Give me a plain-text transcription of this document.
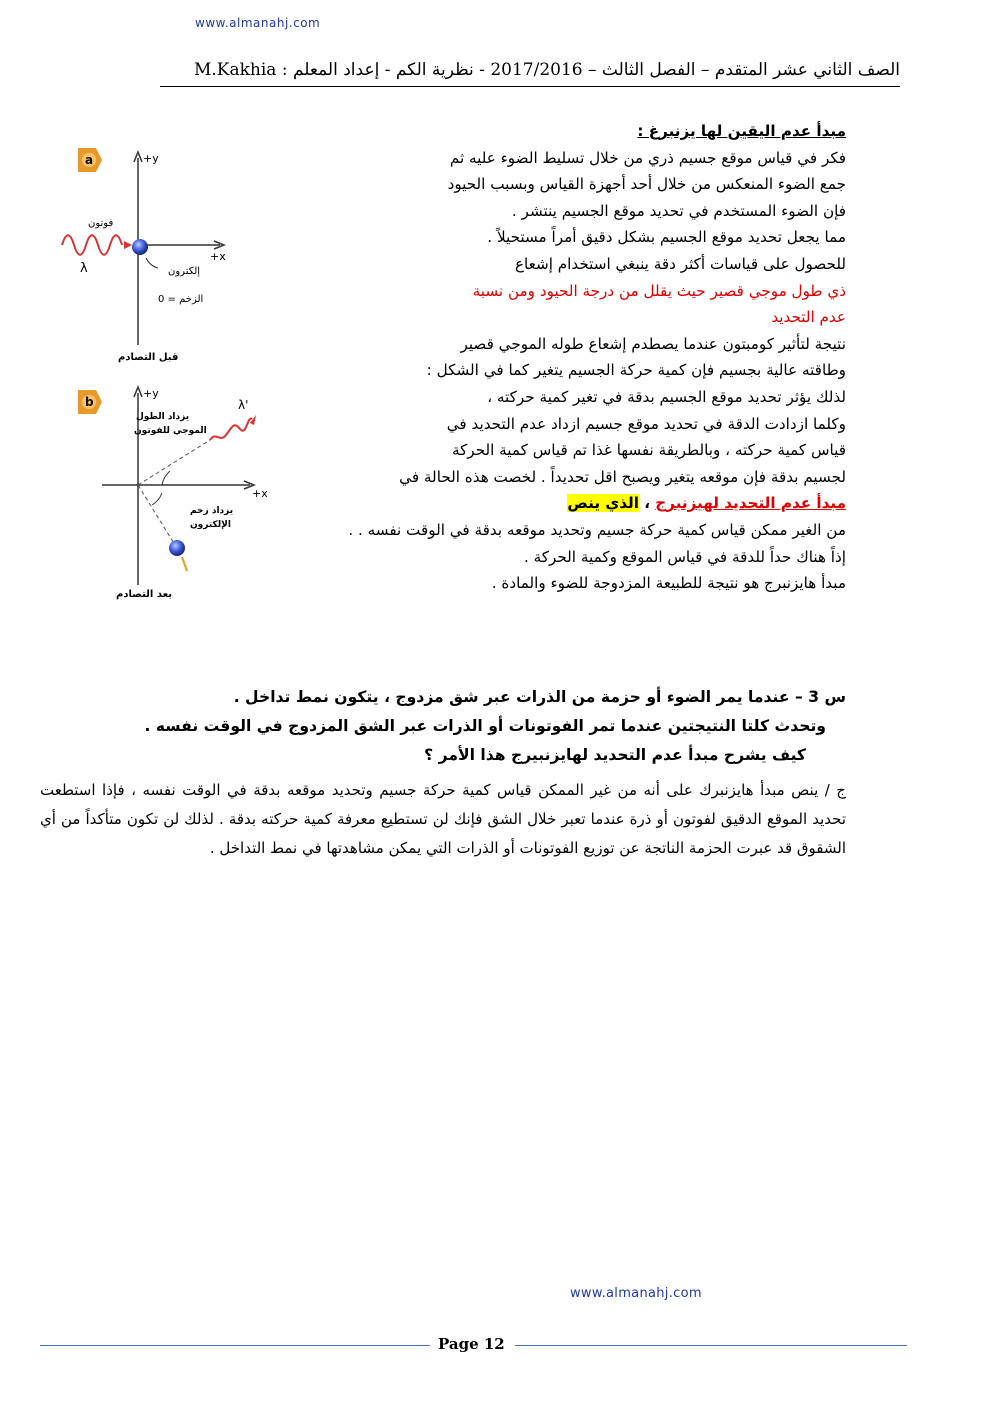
www.almanahj.com
الصف الثاني عشر المتقدم – الفصل الثالث – 2017/2016 - نظرية الكم - إعداد المعلم : M.Kakhia

مبدأ عدم اليقين لها يزنبرغ :

فكر في قياس موقع جسيم ذري من خلال تسليط الضوء عليه ثم

جمع الضوء المنعكس من خلال أحد أجهزة القياس وبسبب الحيود

فإن الضوء المستخدم في تحديد موقع الجسيم ينتشر .

مما يجعل تحديد موقع الجسيم بشكل دقيق أمراً مستحيلاً .

للحصول على قياسات أكثر دقة ينبغي استخدام إشعاع

ذي طول موجي قصير حيث يقلل من درجة الحيود ومن نسبة

عدم التحديد

نتيجة لتأثير كومبتون عندما يصطدم إشعاع طوله الموجي قصير

وطاقته عالية بجسيم فإن كمية حركة الجسيم يتغير كما في الشكل :

لذلك يؤثر تحديد موقع الجسيم بدقة في تغير كمية حركته ،

وكلما ازدادت الدقة في تحديد موقع جسيم ازداد عدم التحديد في

قياس كمية حركته ، وبالطريقة نفسها غذا تم قياس كمية الحركة

لجسيم بدقة فإن موقعه يتغير ويصبح اقل تحديداً . لخصت هذه الحالة في

مبدأ عدم التحديد لهيزنبرج ، الذي ينص

من الغير ممكن قياس كمية حركة جسيم وتحديد موقعه بدقة في الوقت نفسه . .

إذاً هناك حداً للدقة في قياس الموقع وكمية الحركة .

مبدأ هايزنبرج هو نتيجة للطبيعة المزدوجة للضوء والمادة .

a	+y
+x
فوتون
λ	إلكترون
الزخم = 0
قبل التصادم
b
+y
+x
λ'
يزداد الطول
الموجي للفوتون
يزداد زخم
الإلكترون
بعد التصادم

س 3 – عندما يمر الضوء أو حزمة من الذرات عبر شق مزدوج ، يتكون نمط تداخل .

وتحدث كلتا النتيجتين عندما تمر الفوتونات أو الذرات عبر الشق المزدوج في الوقت نفسه .

كيف يشرح مبدأ عدم التحديد لهايزنبيرج هذا الأمر ؟

ج / ينص مبدأ هايزنبرك على أنه من غير الممكن قياس كمية حركة جسيم وتحديد موقعه بدقة في الوقت نفسه ، فإذا استطعت تحديد الموقع الدقيق لفوتون أو ذرة عندما تعبر خلال الشق فإنك لن تستطيع معرفة كمية حركته بدقة . لذلك لن تكون متأكداً من أي الشقوق قد عبرت الحزمة الناتجة عن توزيع الفوتونات أو الذرات التي يمكن مشاهدتها في نمط التداخل .

www.almanahj.com
Page 12
